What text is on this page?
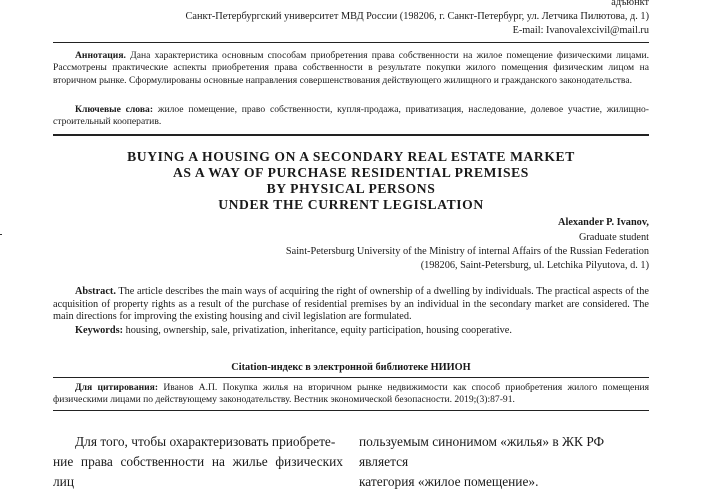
адъюнкт
Санкт-Петербургский университет МВД России (198206, г. Санкт-Петербург, ул. Летчика Пилютова, д. 1)
E-mail: Ivanovalexcivil@mail.ru
Аннотация. Дана характеристика основным способам приобретения права собственности на жилое помещение физическими лицами. Рассмотрены практические аспекты приобретения права собственности в результате покупки жилого помещения физическим лицом на вторичном рынке. Сформулированы основные направления совершенствования действующего жилищного и гражданского законодательства.
Ключевые слова: жилое помещение, право собственности, купля-продажа, приватизация, наследование, долевое участие, жилищно-строительный кооператив.
BUYING A HOUSING ON A SECONDARY REAL ESTATE MARKET
AS A WAY OF PURCHASE RESIDENTIAL PREMISES
BY PHYSICAL PERSONS
UNDER THE CURRENT LEGISLATION
Alexander P. Ivanov,
Graduate student
Saint-Petersburg University of the Ministry of internal Affairs of the Russian Federation
(198206, Saint-Petersburg, ul. Letchika Pilyutova, d. 1)
Abstract. The article describes the main ways of acquiring the right of ownership of a dwelling by individuals. The practical aspects of the acquisition of property rights as a result of the purchase of residential premises by an individual in the secondary market are considered. The main directions for improving the existing housing and civil legislation are formulated.
Keywords: housing, ownership, sale, privatization, inheritance, equity participation, housing cooperative.
Citation-индекс в электронной библиотеке НИИОН
Для цитирования: Иванов А.П. Покупка жилья на вторичном рынке недвижимости как способ приобретения жилого помещения физическими лицами по действующему законодательству. Вестник экономической безопасности. 2019;(3):87-91.
Для того, чтобы охарактеризовать приобрете-
ние права собственности на жилье физических лиц
пользуемым синонимом «жилья» в ЖК РФ является
категория «жилое помещение».
